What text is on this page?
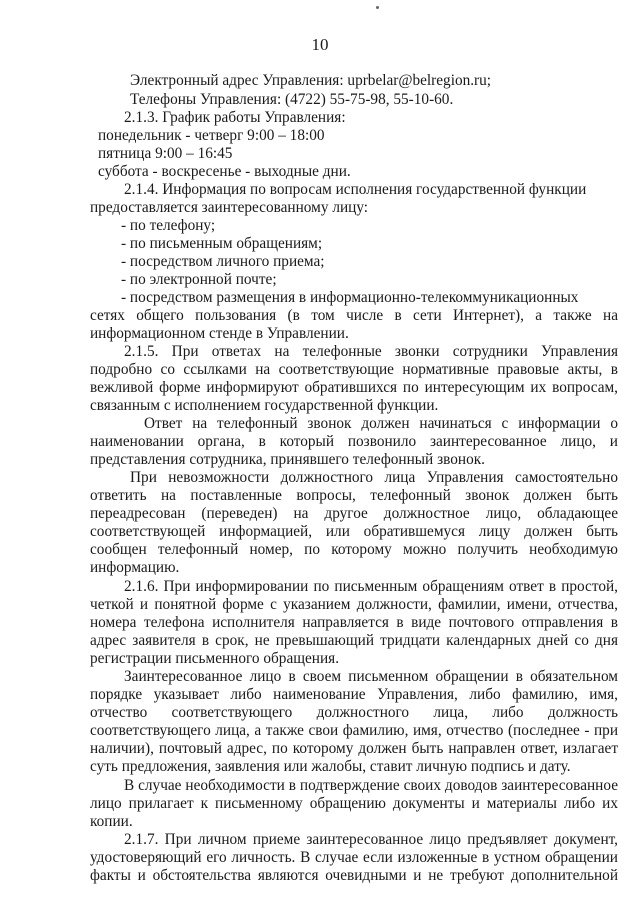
10
Электронный адрес Управления: uprbelar@belregion.ru;
Телефоны Управления: (4722) 55-75-98, 55-10-60.
2.1.3. График работы Управления:
понедельник - четверг 9:00 – 18:00
пятница 9:00 – 16:45
суббота - воскресенье - выходные дни.
2.1.4. Информация по вопросам исполнения государственной функции
предоставляется заинтересованному лицу:
- по телефону;
- по письменным обращениям;
- посредством личного приема;
- по электронной почте;
- посредством размещения в информационно-телекоммуникационных
сетях общего пользования (в том числе в сети Интернет), а также на
информационном стенде в Управлении.
2.1.5. При ответах на телефонные звонки сотрудники Управления
подробно со ссылками на соответствующие нормативные правовые акты, в
вежливой форме информируют обратившихся по интересующим их вопросам,
связанным с исполнением государственной функции.
Ответ на телефонный звонок должен начинаться с информации о
наименовании органа, в который позвонило заинтересованное лицо, и
представления сотрудника, принявшего телефонный звонок.
При невозможности должностного лица Управления самостоятельно
ответить на поставленные вопросы, телефонный звонок должен быть
переадресован (переведен) на другое должностное лицо, обладающее
соответствующей информацией, или обратившемуся лицу должен быть
сообщен телефонный номер, по которому можно получить необходимую
информацию.
2.1.6. При информировании по письменным обращениям ответ в простой,
четкой и понятной форме с указанием должности, фамилии, имени, отчества,
номера телефона исполнителя направляется в виде почтового отправления в
адрес заявителя в срок, не превышающий тридцати календарных дней со дня
регистрации письменного обращения.
Заинтересованное лицо в своем письменном обращении в обязательном
порядке указывает либо наименование Управления, либо фамилию, имя,
отчество соответствующего должностного лица, либо должность
соответствующего лица, а также свои фамилию, имя, отчество (последнее - при
наличии), почтовый адрес, по которому должен быть направлен ответ, излагает
суть предложения, заявления или жалобы, ставит личную подпись и дату.
В случае необходимости в подтверждение своих доводов заинтересованное
лицо прилагает к письменному обращению документы и материалы либо их
копии.
2.1.7. При личном приеме заинтересованное лицо предъявляет документ,
удостоверяющий его личность. В случае если изложенные в устном обращении
факты и обстоятельства являются очевидными и не требуют дополнительной
